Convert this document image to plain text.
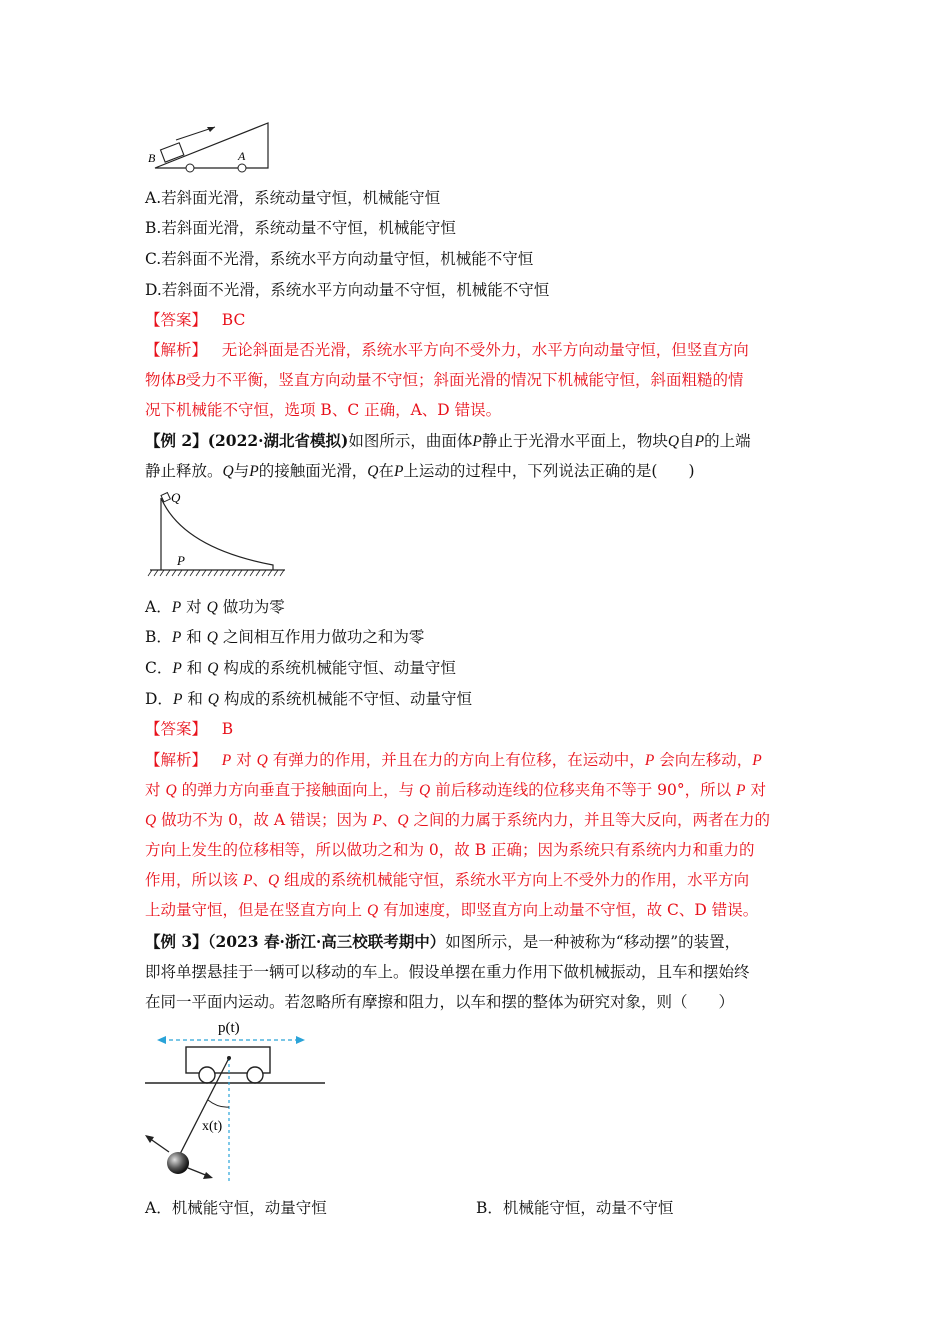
B	A
A.若斜面光滑，系统动量守恒，机械能守恒
B.若斜面光滑，系统动量不守恒，机械能守恒
C.若斜面不光滑，系统水平方向动量守恒，机械能不守恒
D.若斜面不光滑，系统水平方向动量不守恒，机械能不守恒
【答案】 BC
【解析】 无论斜面是否光滑，系统水平方向不受外力，水平方向动量守恒，但竖直方向
物体B受力不平衡，竖直方向动量不守恒；斜面光滑的情况下机械能守恒，斜面粗糙的情
况下机械能不守恒，选项 B、C 正确，A、D 错误。
【例 2】(2022·湖北省模拟)如图所示，曲面体P静止于光滑水平面上，物块Q自P的上端
静止释放。Q与P的接触面光滑，Q在P上运动的过程中，下列说法正确的是(　　)
Q
P
A．P 对 Q 做功为零
B．P 和 Q 之间相互作用力做功之和为零
C．P 和 Q 构成的系统机械能守恒、动量守恒
D．P 和 Q 构成的系统机械能不守恒、动量守恒
【答案】 B
【解析】 P 对 Q 有弹力的作用，并且在力的方向上有位移，在运动中，P 会向左移动，P
对 Q 的弹力方向垂直于接触面向上，与 Q 前后移动连线的位移夹角不等于 90°，所以 P 对
Q 做功不为 0，故 A 错误；因为 P、Q 之间的力属于系统内力，并且等大反向，两者在力的
方向上发生的位移相等，所以做功之和为 0，故 B 正确；因为系统只有系统内力和重力的
作用，所以该 P、Q 组成的系统机械能守恒，系统水平方向上不受外力的作用，水平方向
上动量守恒，但是在竖直方向上 Q 有加速度，即竖直方向上动量不守恒，故 C、D 错误。
【例 3】（2023 春·浙江·高三校联考期中）如图所示，是一种被称为“移动摆”的装置，
即将单摆悬挂于一辆可以移动的车上。假设单摆在重力作用下做机械振动，且车和摆始终
在同一平面内运动。若忽略所有摩擦和阻力，以车和摆的整体为研究对象，则（　　）
p(t)
x(t)
A．机械能守恒，动量守恒	B．机械能守恒，动量不守恒
